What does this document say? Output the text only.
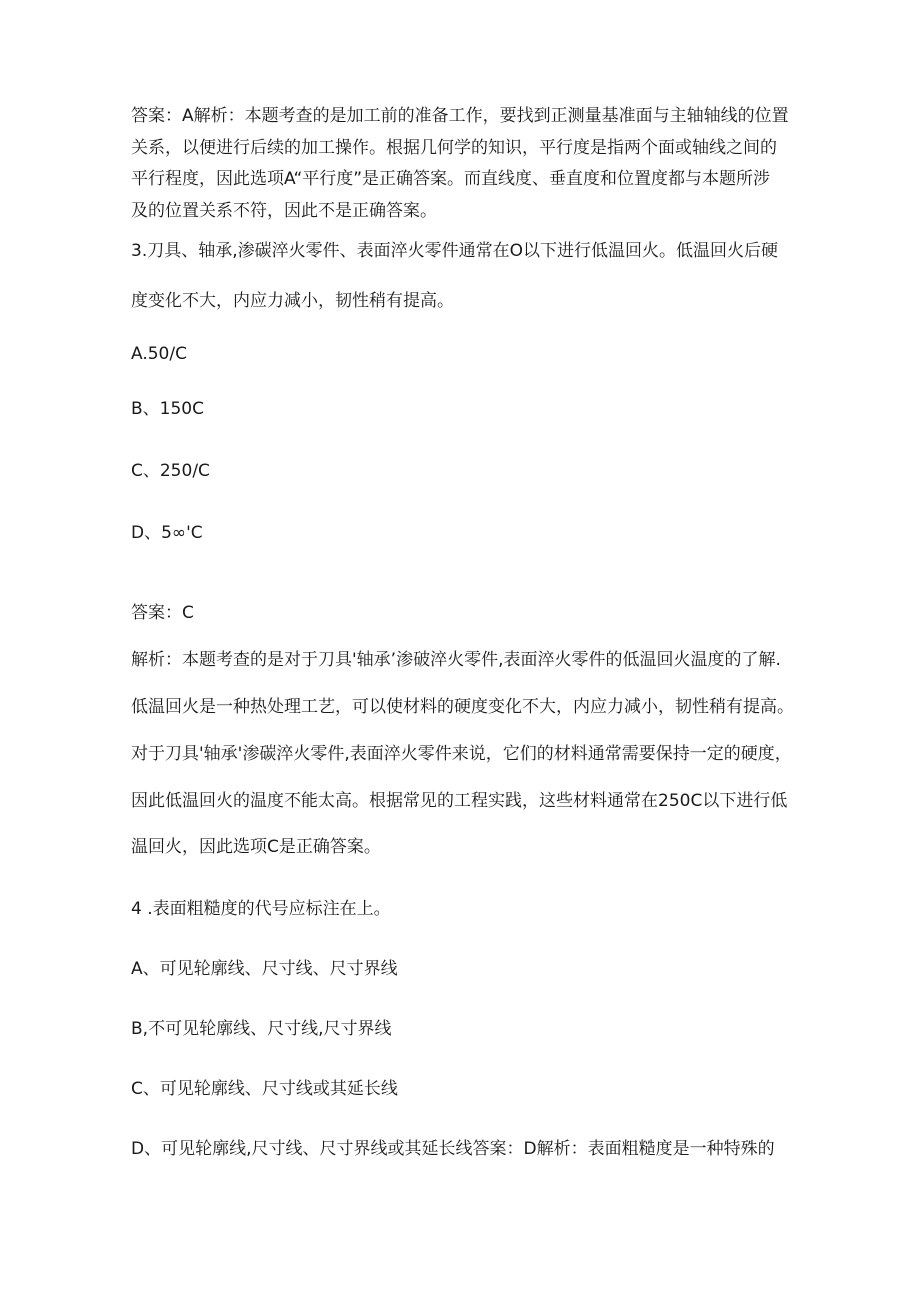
答案：A解析：本题考查的是加工前的准备工作，要找到正测量基准面与主轴轴线的位置
关系，以便进行后续的加工操作。根据几何学的知识，平行度是指两个面或轴线之间的
平行程度，因此选项A“平行度”是正确答案。而直线度、垂直度和位置度都与本题所涉
及的位置关系不符，因此不是正确答案。
3.刀具、轴承,渗碳淬火零件、表面淬火零件通常在O以下进行低温回火。低温回火后硬
度变化不大，内应力减小，韧性稍有提高。
A.50∕C
B、150C
C、250∕C
D、5∞'C
答案：C
解析：本题考查的是对于刀具'轴承’渗破淬火零件,表面淬火零件的低温回火温度的了解.
低温回火是一种热处理工艺，可以使材料的硬度变化不大，内应力减小，韧性稍有提高。
对于刀具'轴承'渗碳淬火零件,表面淬火零件来说，它们的材料通常需要保持一定的硬度，
因此低温回火的温度不能太高。根据常见的工程实践，这些材料通常在250C以下进行低
温回火，因此选项C是正确答案。
4 .表面粗糙度的代号应标注在上。
A、可见轮廓线、尺寸线、尺寸界线
B,不可见轮廓线、尺寸线,尺寸界线
C、可见轮廓线、尺寸线或其延长线
D、可见轮廓线,尺寸线、尺寸界线或其延长线答案：D解析：表面粗糙度是一种特殊的
